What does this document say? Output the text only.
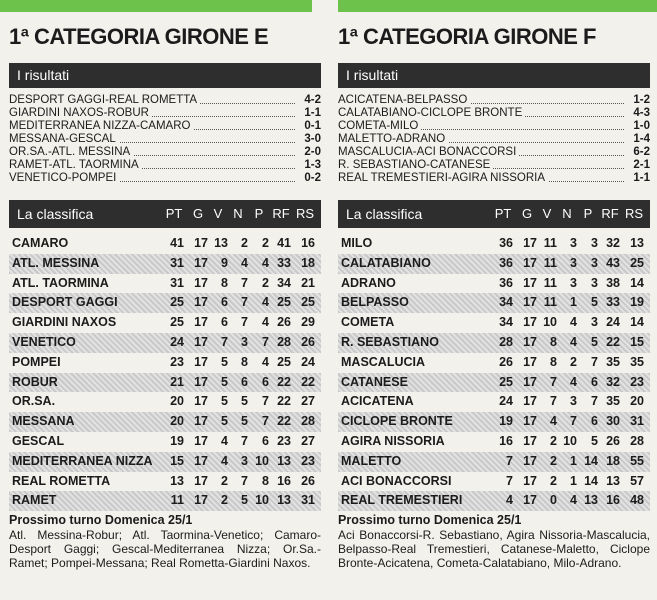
1ª CATEGORIA GIRONE E
I risultati
DESPORT GAGGI-REAL ROMETTA	4-2
GIARDINI NAXOS-ROBUR	1-1
MEDITERRANEA NIZZA-CAMARO	0-1
MESSANA-GESCAL	3-0
OR.SA.-ATL. MESSINA	2-0
RAMET-ATL. TAORMINA	1-3
VENETICO-POMPEI	0-2
La classifica	PT G V N P RF RS
CAMARO	41 17 13	2	2 41 16
ATL. MESSINA	31 17	9	4	4 33 18
ATL. TAORMINA	31 17	8	7	2 34 21
DESPORT GAGGI	25 17	6	7	4 25 25
GIARDINI NAXOS	25 17	6	7	4 26 29
VENETICO	24 17	7	3	7 28 26
POMPEI	23 17	5	8	4 25 24
ROBUR	21 17	5	6	6 22 22
OR.SA.	20 17	5	5	7 22 27
MESSANA	20 17	5	5	7 22 28
GESCAL	19 17	4	7	6 23 27
MEDITERRANEA NIZZA	15 17	4	3 10 13 23
REAL ROMETTA	13 17	2	7	8 16 26
RAMET	11 17	2	5 10 13 31
Prossimo turno Domenica 25/1
Atl. Messina-Robur; Atl. Taormina-Venetico; Camaro-Desport Gaggi; Gescal-Mediterranea Nizza; Or.Sa.-Ramet; Pompei-Messana; Real Rometta-Giardini Naxos.
1ª CATEGORIA GIRONE F
I risultati
ACICATENA-BELPASSO	1-2
CALATABIANO-CICLOPE BRONTE	4-3
COMETA-MILO	1-0
MALETTO-ADRANO	1-4
MASCALUCIA-ACI BONACCORSI	6-2
R. SEBASTIANO-CATANESE	2-1
REAL TREMESTIERI-AGIRA NISSORIA	1-1
La classifica	PT G V N P RF RS
MILO	36 17 11	3	3 32 13
CALATABIANO	36 17 11	3	3 43 25
ADRANO	36 17 11	3	3 38 14
BELPASSO	34 17 11	1	5 33 19
COMETA	34 17 10	4	3 24 14
R. SEBASTIANO	28 17	8	4	5 22 15
MASCALUCIA	26 17	8	2	7 35 35
CATANESE	25 17	7	4	6 32 23
ACICATENA	24 17	7	3	7 35 20
CICLOPE BRONTE	19 17	4	7	6 30 31
AGIRA NISSORIA	16 17	2 10	5 26 28
MALETTO	7 17	2	1 14 18 55
ACI BONACCORSI	7 17	2	1 14 13 57
REAL TREMESTIERI	4 17	0	4 13 16 48
Prossimo turno Domenica 25/1
Aci Bonaccorsi-R. Sebastiano, Agira Nissoria-Mascalucia, Belpasso-Real Tremestieri, Catanese-Maletto, Ciclope Bronte-Acicatena, Cometa-Calatabiano, Milo-Adrano.
